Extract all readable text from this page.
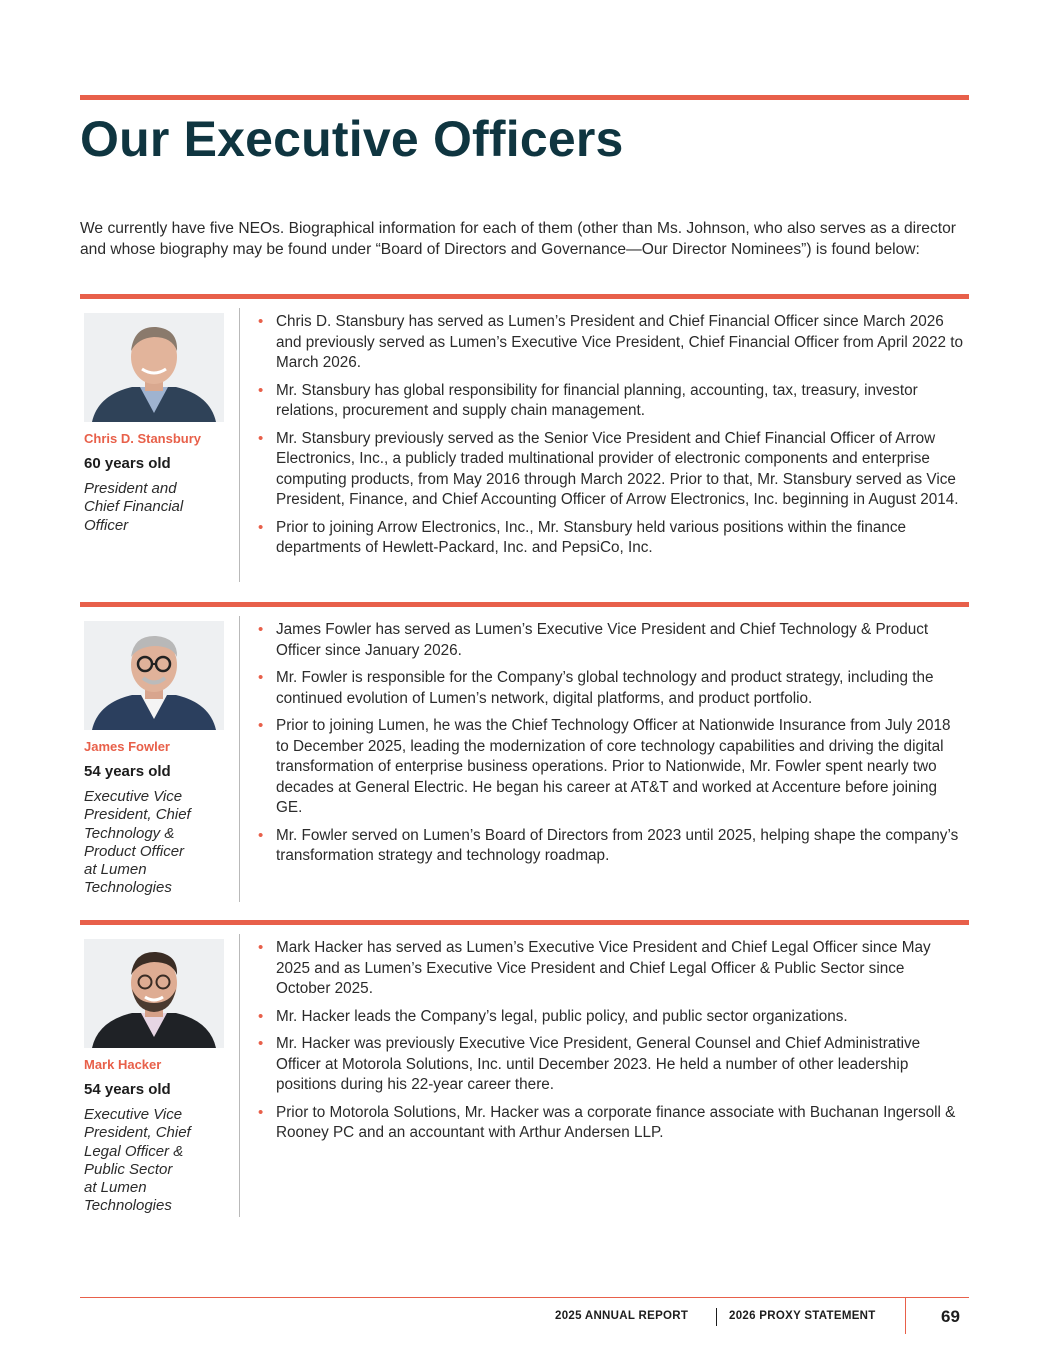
Our Executive Officers

We currently have five NEOs. Biographical information for each of them (other than Ms. Johnson, who also serves as a director and whose biography may be found under “Board of Directors and Governance—Our Director Nominees”) is found below:

Chris D. Stansbury
60 years old
President and
Chief Financial
Officer
• Chris D. Stansbury has served as Lumen’s President and Chief Financial Officer since March 2026 and previously served as Lumen’s Executive Vice President, Chief Financial Officer from April 2022 to March 2026.
• Mr. Stansbury has global responsibility for financial planning, accounting, tax, treasury, investor relations, procurement and supply chain management.
• Mr. Stansbury previously served as the Senior Vice President and Chief Financial Officer of Arrow Electronics, Inc., a publicly traded multinational provider of electronic components and enterprise computing products, from May 2016 through March 2022. Prior to that, Mr. Stansbury served as Vice President, Finance, and Chief Accounting Officer of Arrow Electronics, Inc. beginning in August 2014.
• Prior to joining Arrow Electronics, Inc., Mr. Stansbury held various positions within the finance departments of Hewlett-Packard, Inc. and PepsiCo, Inc.
James Fowler
54 years old
Executive Vice
President, Chief
Technology &
Product Officer
at Lumen
Technologies
• James Fowler has served as Lumen’s Executive Vice President and Chief Technology & Product Officer since January 2026.
• Mr. Fowler is responsible for the Company’s global technology and product strategy, including the continued evolution of Lumen’s network, digital platforms, and product portfolio.
• Prior to joining Lumen, he was the Chief Technology Officer at Nationwide Insurance from July 2018 to December 2025, leading the modernization of core technology capabilities and driving the digital transformation of enterprise business operations. Prior to Nationwide, Mr. Fowler spent nearly two decades at General Electric. He began his career at AT&T and worked at Accenture before joining GE.
• Mr. Fowler served on Lumen’s Board of Directors from 2023 until 2025, helping shape the company’s transformation strategy and technology roadmap.
Mark Hacker
54 years old
Executive Vice
President, Chief
Legal Officer &
Public Sector
at Lumen
Technologies
• Mark Hacker has served as Lumen’s Executive Vice President and Chief Legal Officer since May 2025 and as Lumen’s Executive Vice President and Chief Legal Officer & Public Sector since October 2025.
• Mr. Hacker leads the Company’s legal, public policy, and public sector organizations.
• Mr. Hacker was previously Executive Vice President, General Counsel and Chief Administrative Officer at Motorola Solutions, Inc. until December 2023. He held a number of other leadership positions during his 22-year career there.
• Prior to Motorola Solutions, Mr. Hacker was a corporate finance associate with Buchanan Ingersoll & Rooney PC and an accountant with Arthur Andersen LLP.
2025 ANNUAL REPORT	2026 PROXY STATEMENT	69
